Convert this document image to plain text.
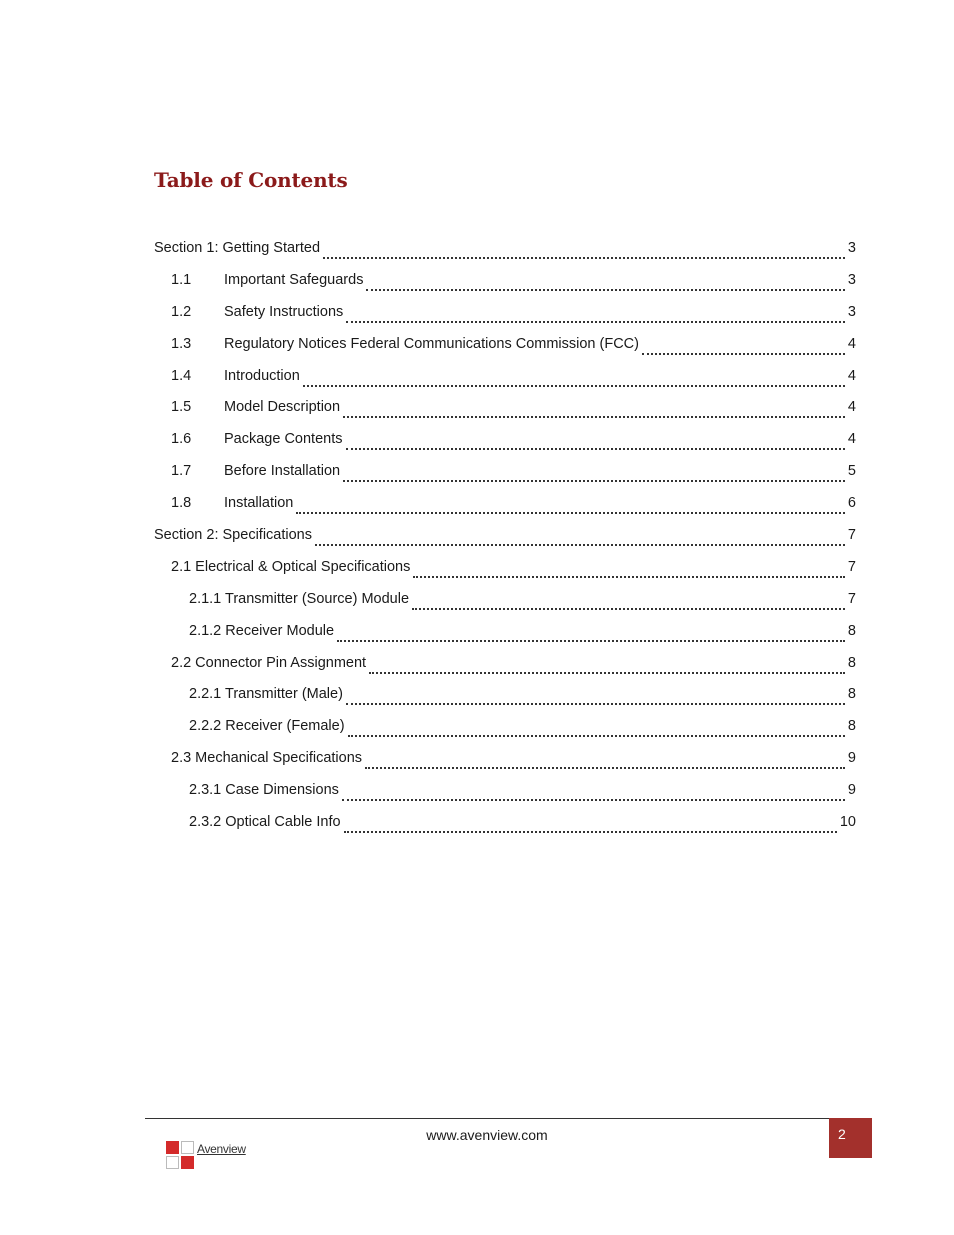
Table of Contents
Section 1: Getting Started	3
1.1	Important Safeguards	3
1.2	Safety Instructions	3
1.3	Regulatory Notices Federal Communications Commission (FCC)	4
1.4	Introduction	4
1.5	Model Description	4
1.6	Package Contents	4
1.7	Before Installation	5
1.8	Installation	6
Section 2: Specifications	7
2.1 Electrical & Optical Specifications	7
2.1.1 Transmitter (Source) Module	7
2.1.2 Receiver Module	8
2.2 Connector Pin Assignment	8
2.2.1 Transmitter (Male)	8
2.2.2 Receiver (Female)	8
2.3 Mechanical Specifications	9
2.3.1 Case Dimensions	9
2.3.2 Optical Cable Info	10
www.avenview.com	2
Avenview
